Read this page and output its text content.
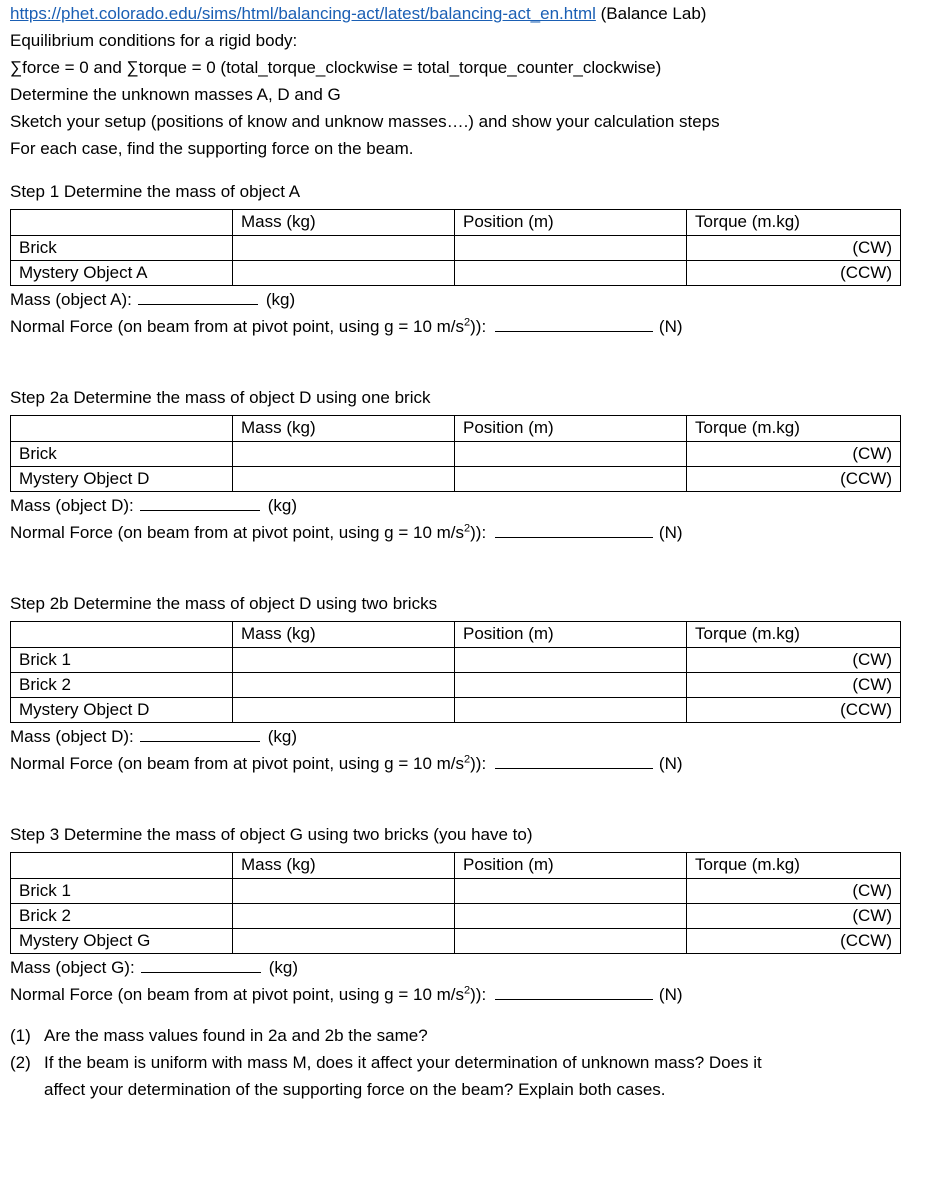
https://phet.colorado.edu/sims/html/balancing-act/latest/balancing-act_en.html (Balance Lab)
Equilibrium conditions for a rigid body:
∑force = 0 and ∑torque = 0 (total_torque_clockwise = total_torque_counter_clockwise)
Determine the unknown masses A, D and G
Sketch your setup (positions of know and unknow masses….) and show your calculation steps
For each case, find the supporting force on the beam.
Step 1 Determine the mass of object A
	Mass (kg)	Position (m)	Torque (m.kg)
Brick			(CW)
Mystery Object A			(CCW)
Mass (object A):	(kg)
Normal Force (on beam from at pivot point, using g = 10 $m/s^2$)):	(N)
Step 2a Determine the mass of object D using one brick
	Mass (kg)	Position (m)	Torque (m.kg)
Brick			(CW)
Mystery Object D			(CCW)
Mass (object D):	(kg)
Normal Force (on beam from at pivot point, using g = 10 $m/s^2$)):	(N)
Step 2b Determine the mass of object D using two bricks
	Mass (kg)	Position (m)	Torque (m.kg)
Brick 1			(CW)
Brick 2			(CW)
Mystery Object D			(CCW)
Mass (object D):	(kg)
Normal Force (on beam from at pivot point, using g = 10 $m/s^2$)):	(N)
Step 3 Determine the mass of object G using two bricks (you have to)
	Mass (kg)	Position (m)	Torque (m.kg)
Brick 1			(CW)
Brick 2			(CW)
Mystery Object G			(CCW)
Mass (object G):	(kg)
Normal Force (on beam from at pivot point, using g = 10 $m/s^2$)):	(N)
(1) Are the mass values found in 2a and 2b the same?
(2) If the beam is uniform with mass M, does it affect your determination of unknown mass? Does it
affect your determination of the supporting force on the beam? Explain both cases.
